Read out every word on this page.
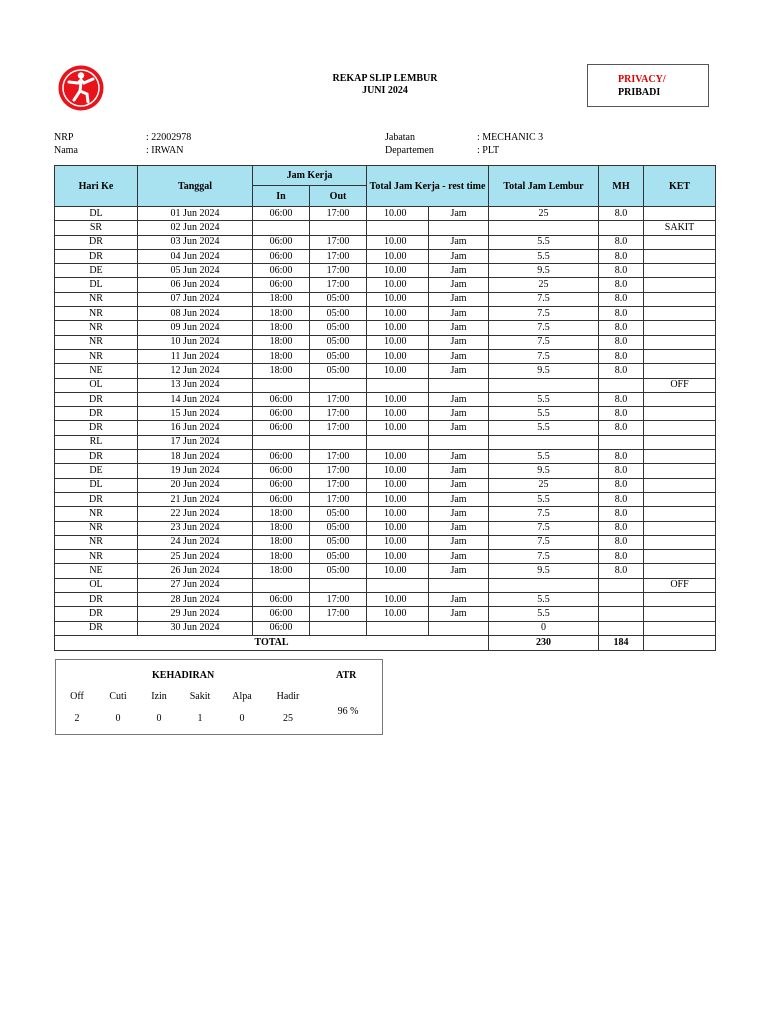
REKAP SLIP LEMBUR
JUNI 2024
PRIVACY/
PRIBADI
NRP	: 22002978
Nama	: IRWAN
Jabatan	: MECHANIC 3
Departemen	: PLT
Hari Ke	Tanggal	Jam Kerja		Total Jam Kerja - rest time		Total Jam Lembur	MH	KET
		In	Out					
DL	01 Jun 2024	06:00	17:00	10.00	Jam	25	8.0	
SR	02 Jun 2024							SAKIT
DR	03 Jun 2024	06:00	17:00	10.00	Jam	5.5	8.0	
DR	04 Jun 2024	06:00	17:00	10.00	Jam	5.5	8.0	
DE	05 Jun 2024	06:00	17:00	10.00	Jam	9.5	8.0	
DL	06 Jun 2024	06:00	17:00	10.00	Jam	25	8.0	
NR	07 Jun 2024	18:00	05:00	10.00	Jam	7.5	8.0	
NR	08 Jun 2024	18:00	05:00	10.00	Jam	7.5	8.0	
NR	09 Jun 2024	18:00	05:00	10.00	Jam	7.5	8.0	
NR	10 Jun 2024	18:00	05:00	10.00	Jam	7.5	8.0	
NR	11 Jun 2024	18:00	05:00	10.00	Jam	7.5	8.0	
NE	12 Jun 2024	18:00	05:00	10.00	Jam	9.5	8.0	
OL	13 Jun 2024							OFF
DR	14 Jun 2024	06:00	17:00	10.00	Jam	5.5	8.0	
DR	15 Jun 2024	06:00	17:00	10.00	Jam	5.5	8.0	
DR	16 Jun 2024	06:00	17:00	10.00	Jam	5.5	8.0	
RL	17 Jun 2024							
DR	18 Jun 2024	06:00	17:00	10.00	Jam	5.5	8.0	
DE	19 Jun 2024	06:00	17:00	10.00	Jam	9.5	8.0	
DL	20 Jun 2024	06:00	17:00	10.00	Jam	25	8.0	
DR	21 Jun 2024	06:00	17:00	10.00	Jam	5.5	8.0	
NR	22 Jun 2024	18:00	05:00	10.00	Jam	7.5	8.0	
NR	23 Jun 2024	18:00	05:00	10.00	Jam	7.5	8.0	
NR	24 Jun 2024	18:00	05:00	10.00	Jam	7.5	8.0	
NR	25 Jun 2024	18:00	05:00	10.00	Jam	7.5	8.0	
NE	26 Jun 2024	18:00	05:00	10.00	Jam	9.5	8.0	
OL	27 Jun 2024							OFF
DR	28 Jun 2024	06:00	17:00	10.00	Jam	5.5		
DR	29 Jun 2024	06:00	17:00	10.00	Jam	5.5		
DR	30 Jun 2024	06:00				0		
TOTAL						230	184	
KEHADIRAN	ATR
Off	Cuti	Izin	Sakit	Alpa	Hadir
2	0	0	1	0	25
96 %
